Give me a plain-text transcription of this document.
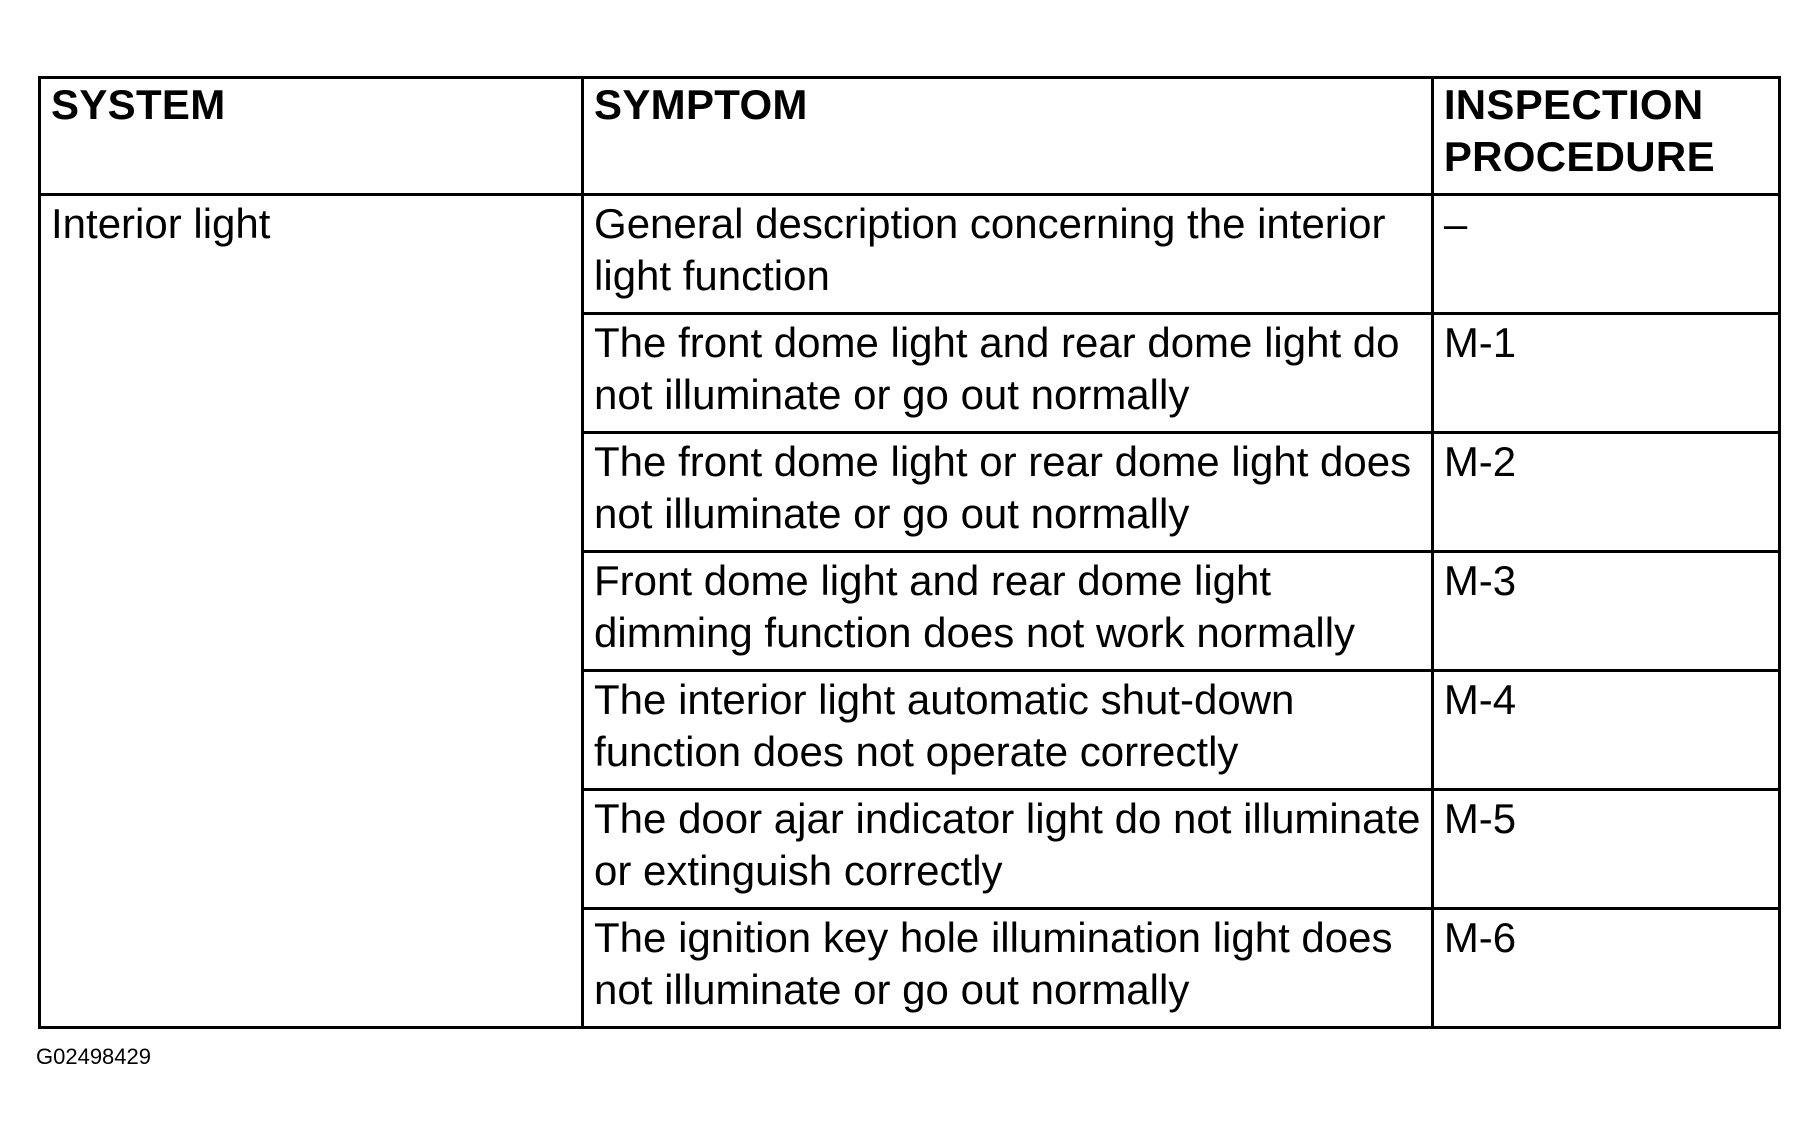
SYSTEM	SYMPTOM	INSPECTION
PROCEDURE
Interior light	General description concerning the interior light function	–
	The front dome light and rear dome light do not illuminate or go out normally	M-1
	The front dome light or rear dome light does not illuminate or go out normally	M-2
	Front dome light and rear dome light dimming function does not work normally	M-3
	The interior light automatic shut-down function does not operate correctly	M-4
	The door ajar indicator light do not illuminate or extinguish correctly	M-5
	The ignition key hole illumination light does not illuminate or go out normally	M-6
G02498429
